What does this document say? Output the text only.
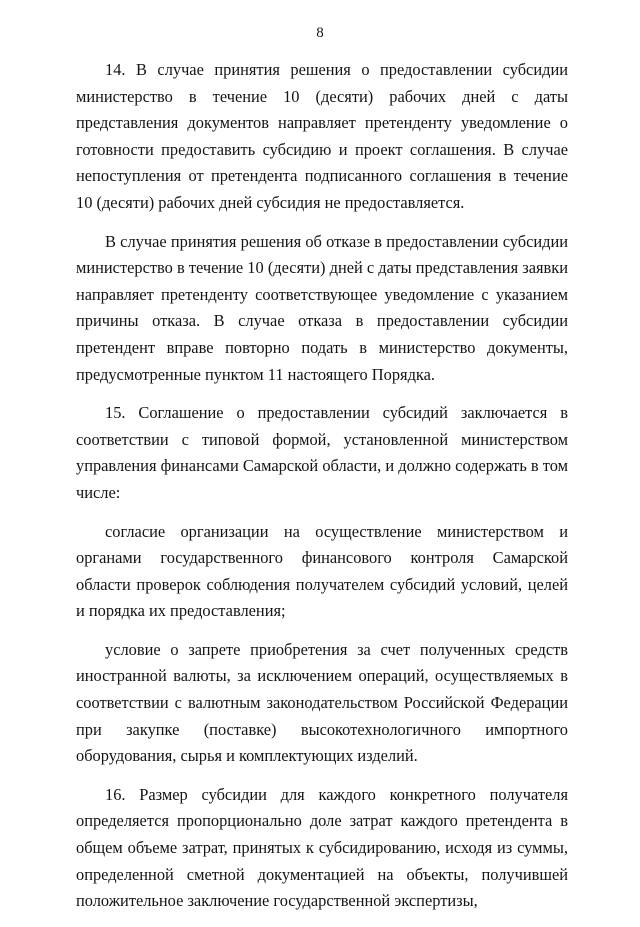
8

14. В случае принятия решения о предоставлении субсидии министерство в течение 10 (десяти) рабочих дней с даты представления документов направляет претенденту уведомление о готовности предоставить субсидию и проект соглашения. В случае непоступления от претендента подписанного соглашения в течение 10 (десяти) рабочих дней субсидия не предоставляется.

В случае принятия решения об отказе в предоставлении субсидии министерство в течение 10 (десяти) дней с даты представления заявки направляет претенденту соответствующее уведомление с указанием причины отказа. В случае отказа в предоставлении субсидии претендент вправе повторно подать в министерство документы, предусмотренные пунктом 11 настоящего Порядка.

15. Соглашение о предоставлении субсидий заключается в соответствии с типовой формой, установленной министерством управления финансами Самарской области, и должно содержать в том числе:

согласие организации на осуществление министерством и органами государственного финансового контроля Самарской области проверок соблюдения получателем субсидий условий, целей и порядка их предоставления;

условие о запрете приобретения за счет полученных средств иностранной валюты, за исключением операций, осуществляемых в соответствии с валютным законодательством Российской Федерации при закупке (поставке) высокотехнологичного импортного оборудования, сырья и комплектующих изделий.

16. Размер субсидии для каждого конкретного получателя определяется пропорционально доле затрат каждого претендента в общем объеме затрат, принятых к субсидированию, исходя из суммы, определенной сметной документацией на объекты, получившей положительное заключение государственной экспертизы,
